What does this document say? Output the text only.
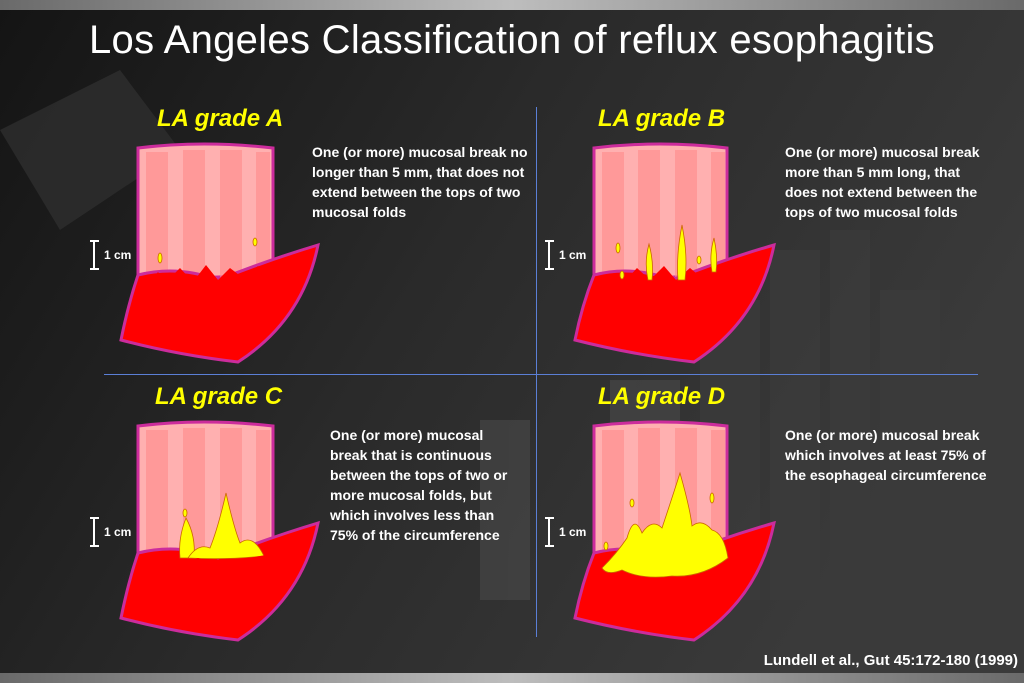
Los Angeles Classification of reflux esophagitis
LA grade A
One (or more) mucosal break no longer than 5 mm, that does not extend between the tops of two mucosal folds
1 cm
LA grade B
One (or more) mucosal break more than 5 mm long, that does not extend between the tops of two mucosal folds
1 cm
LA grade C
One (or more) mucosal break that is continuous between the tops of two or more mucosal folds, but which involves less than 75% of the circumference
1 cm
LA grade D
One (or more) mucosal break which involves at least 75% of the esophageal circumference
1 cm
Lundell et al., Gut 45:172-180 (1999)
